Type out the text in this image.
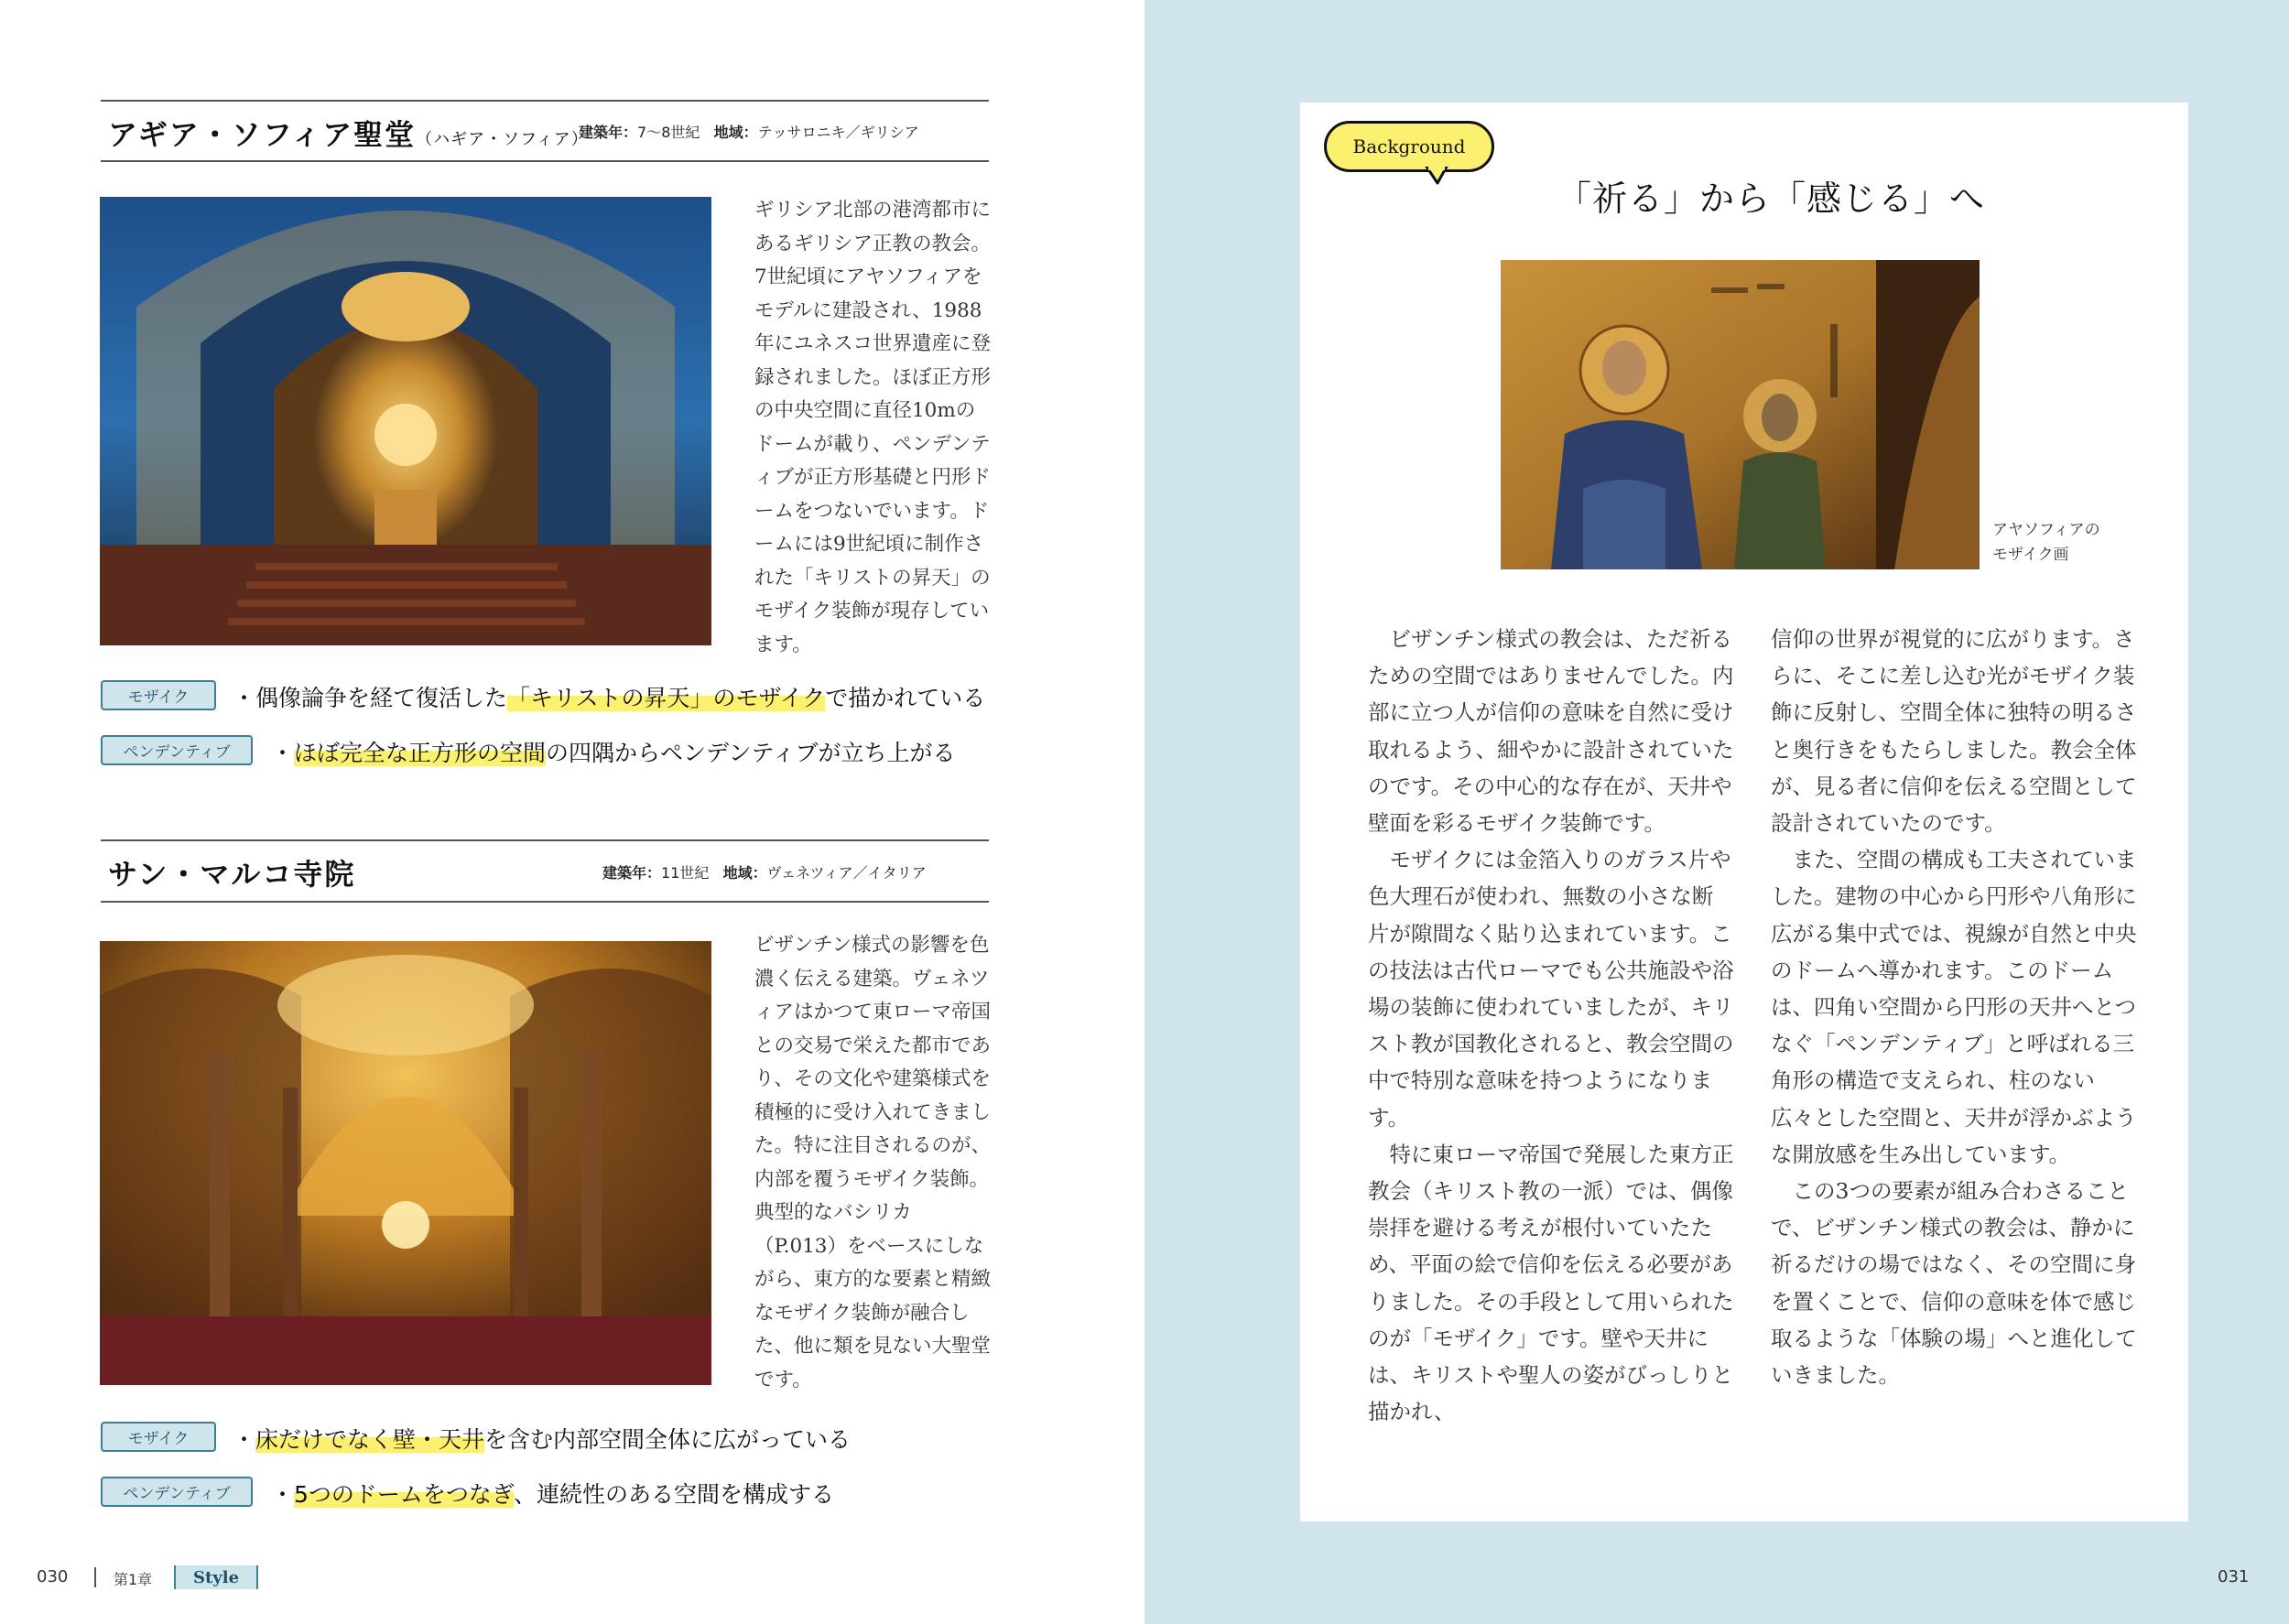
アギア・ソフィア聖堂（ハギア・ソフィア）
建築年：7〜8世紀 地域：テッサロニキ／ギリシア
ギリシア北部の港湾都市にあるギリシア正教の教会。7世紀頃にアヤソフィアをモデルに建設され、1988年にユネスコ世界遺産に登録されました。ほぼ正方形の中央空間に直径10mのドームが載り、ペンデンティブが正方形基礎と円形ドームをつないでいます。ドームには9世紀頃に制作された「キリストの昇天」のモザイク装飾が現存しています。
モザイク	・偶像論争を経て復活した「キリストの昇天」のモザイクで描かれている
ペンデンティブ	・ほぼ完全な正方形の空間の四隅からペンデンティブが立ち上がる
サン・マルコ寺院	建築年：11世紀 地域：ヴェネツィア／イタリア
ビザンチン様式の影響を色濃く伝える建築。ヴェネツィアはかつて東ローマ帝国との交易で栄えた都市であり、その文化や建築様式を積極的に受け入れてきました。特に注目されるのが、内部を覆うモザイク装飾。典型的なバシリカ（P.013）をベースにしながら、東方的な要素と精緻なモザイク装飾が融合した、他に類を見ない大聖堂です。
モザイク	・床だけでなく壁・天井を含む内部空間全体に広がっている
ペンデンティブ	・5つのドームをつなぎ、連続性のある空間を構成する
030	第1章	Style
Background
「祈る」から「感じる」へ
アヤソフィアの
モザイク画

ビザンチン様式の教会は、ただ祈るための空間ではありませんでした。内部に立つ人が信仰の意味を自然に受け取れるよう、細やかに設計されていたのです。その中心的な存在が、天井や壁面を彩るモザイク装飾です。

モザイクには金箔入りのガラス片や色大理石が使われ、無数の小さな断片が隙間なく貼り込まれています。この技法は古代ローマでも公共施設や浴場の装飾に使われていましたが、キリスト教が国教化されると、教会空間の中で特別な意味を持つようになります。

特に東ローマ帝国で発展した東方正教会（キリスト教の一派）では、偶像崇拝を避ける考えが根付いていたため、平面の絵で信仰を伝える必要がありました。その手段として用いられたのが「モザイク」です。壁や天井には、キリストや聖人の姿がびっしりと描かれ、

信仰の世界が視覚的に広がります。さらに、そこに差し込む光がモザイク装飾に反射し、空間全体に独特の明るさと奥行きをもたらしました。教会全体が、見る者に信仰を伝える空間として設計されていたのです。

また、空間の構成も工夫されていました。建物の中心から円形や八角形に広がる集中式では、視線が自然と中央のドームへ導かれます。このドームは、四角い空間から円形の天井へとつなぐ「ペンデンティブ」と呼ばれる三角形の構造で支えられ、柱のない広々とした空間と、天井が浮かぶような開放感を生み出しています。

この3つの要素が組み合わさることで、ビザンチン様式の教会は、静かに祈るだけの場ではなく、その空間に身を置くことで、信仰の意味を体で感じ取るような「体験の場」へと進化していきました。

031
